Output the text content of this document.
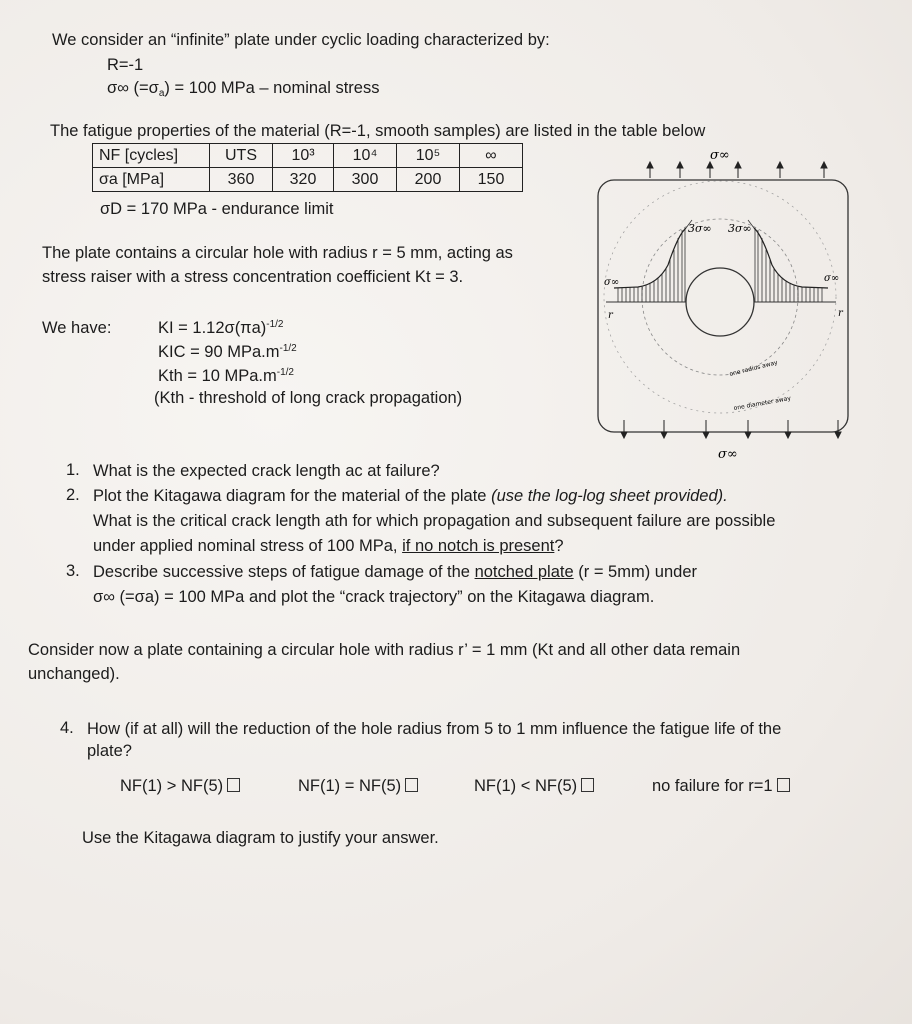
We consider an “infinite” plate under cyclic loading characterized by:
R=-1
σ∞ $(=\sigma_a) = 100$ MPa – nominal stress
The fatigue properties of the material (R=-1, smooth samples) are listed in the table below
NF [cycles]	UTS	10³	10⁴	10⁵	∞
σa [MPa]	360	320	300	200	150
σD = 170 MPa - endurance limit
The plate contains a circular hole with radius r = 5 mm, acting as
stress raiser with a stress concentration coefficient Kt = 3.
We have:	KI = $1.12\sigma(\pi a)^{-1/2}$
KIC = 90 $MPa.m^{-1/2}$
Kth = 10 $MPa.m^{-1/2}$
(Kth - threshold of long crack propagation)
σ∞
σ∞
σ∞	σ∞
3σ∞ 3σ∞
r	r
one radius away
one diameter away
1. What is the expected crack length ac at failure?
2. Plot the Kitagawa diagram for the material of the plate (use the log-log sheet provided).
What is the critical crack length ath for which propagation and subsequent failure are possible
under applied nominal stress of 100 MPa, if no notch is present?
3. Describe successive steps of fatigue damage of the notched plate (r = 5mm) under
σ∞ (=σa) = 100 MPa and plot the “crack trajectory” on the Kitagawa diagram.
Consider now a plate containing a circular hole with radius r’ = 1 mm (Kt and all other data remain
unchanged).
4. How (if at all) will the reduction of the hole radius from 5 to 1 mm influence the fatigue life of the
plate?
NF(1) > NF(5)	NF(1) = NF(5)	NF(1) < NF(5)	no failure for r=1
Use the Kitagawa diagram to justify your answer.
